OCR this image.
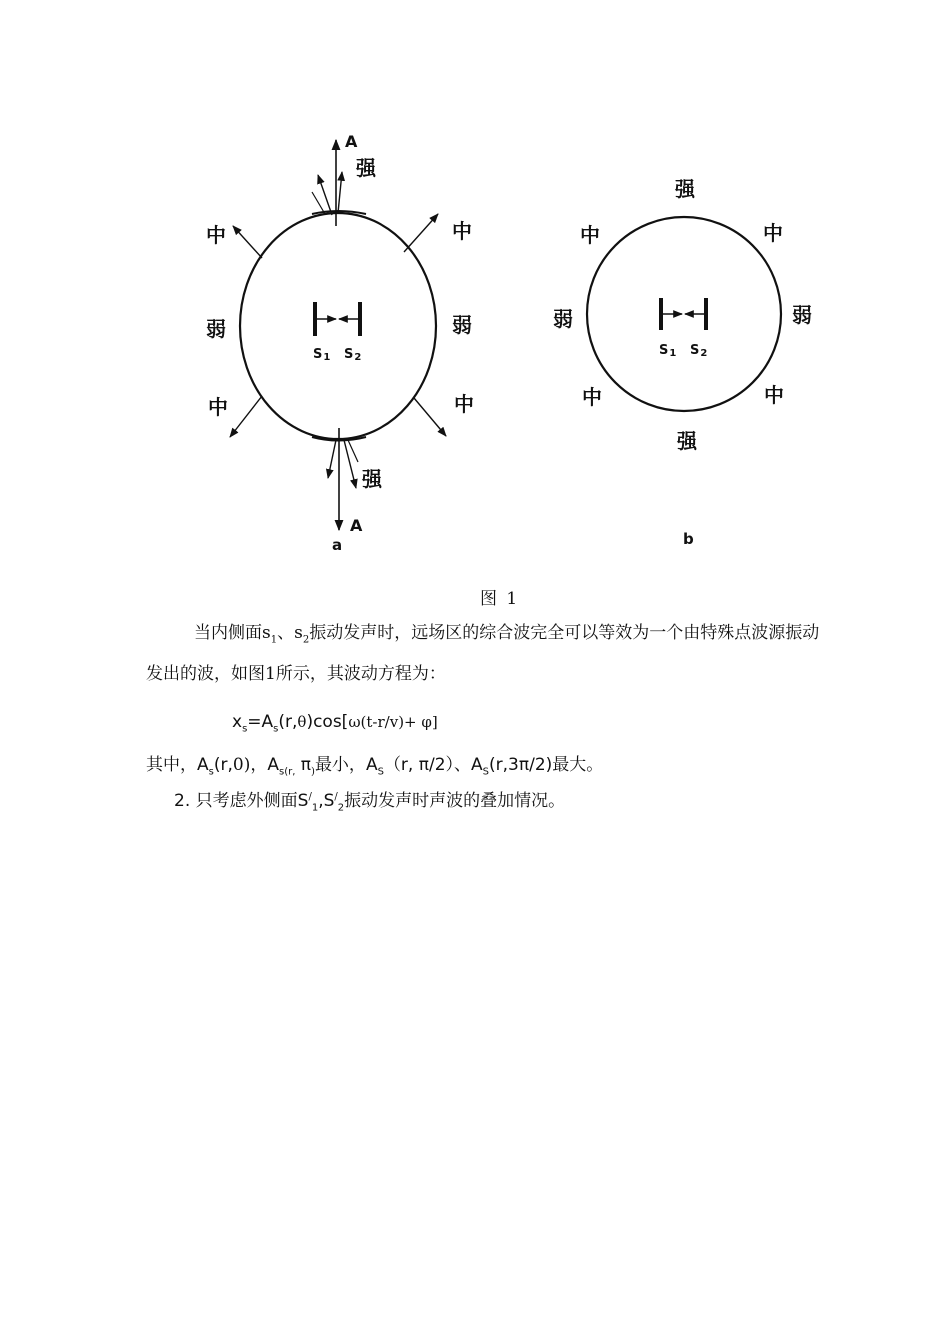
A
强
中	中
弱	弱
中	中
强
A
S1 S2
a
强
中	中
弱	弱
中	中
强
S1 S2
b
图 1

当内侧面$s_1$、$s_2$振动发声时，远场区的综合波完全可以等效为一个由特殊点波源振动发出的波，如图1所示，其波动方程为：

$x_s=A_s(r,\theta)\cos[\omega(t-r/v)+ \varphi]$
其中，$A_s(r,0)$，$A_{s(r,}$ $\pi_)$最小，$A_S(r$, π/2）、$A_S(r,3\pi/2)$最大。
2. 只考虑外侧面$S^/_1,S^/_2$振动发声时声波的叠加情况。
